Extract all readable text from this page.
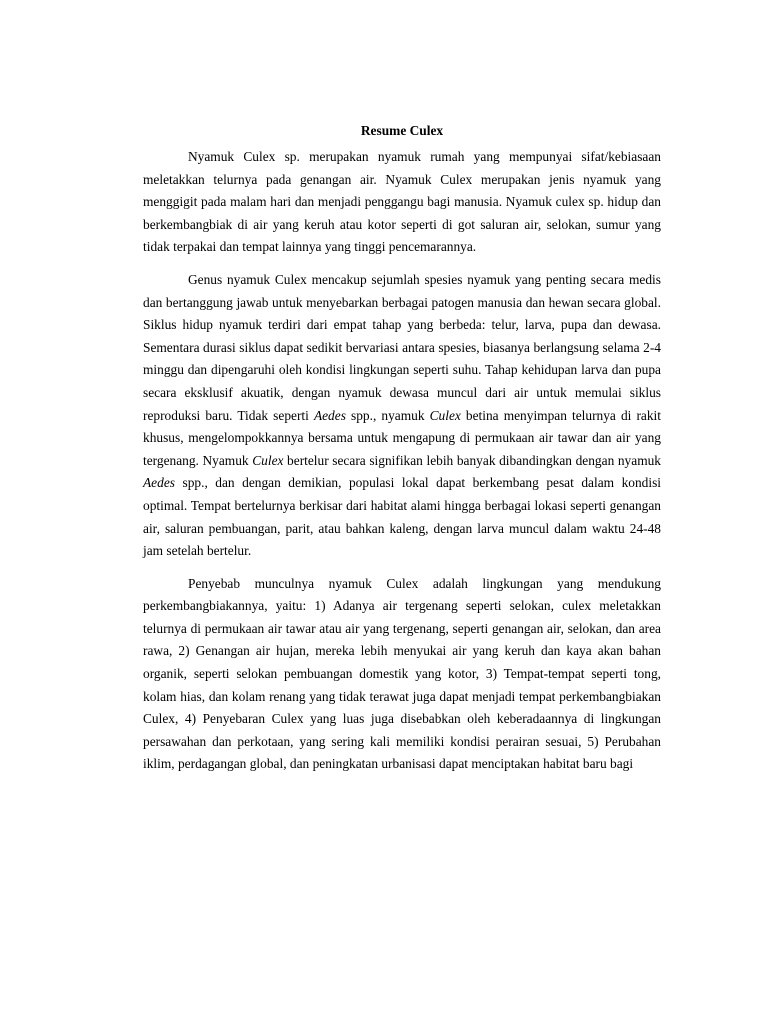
Resume Culex

Nyamuk Culex sp. merupakan nyamuk rumah yang mempunyai sifat/kebiasaan meletakkan telurnya pada genangan air. Nyamuk Culex merupakan jenis nyamuk yang menggigit pada malam hari dan menjadi penggangu bagi manusia. Nyamuk culex sp. hidup dan berkembangbiak di air yang keruh atau kotor seperti di got saluran air, selokan, sumur yang tidak terpakai dan tempat lainnya yang tinggi pencemarannya.

Genus nyamuk Culex mencakup sejumlah spesies nyamuk yang penting secara medis dan bertanggung jawab untuk menyebarkan berbagai patogen manusia dan hewan secara global. Siklus hidup nyamuk terdiri dari empat tahap yang berbeda: telur, larva, pupa dan dewasa. Sementara durasi siklus dapat sedikit bervariasi antara spesies, biasanya berlangsung selama 2-4 minggu dan dipengaruhi oleh kondisi lingkungan seperti suhu. Tahap kehidupan larva dan pupa secara eksklusif akuatik, dengan nyamuk dewasa muncul dari air untuk memulai siklus reproduksi baru. Tidak seperti Aedes spp., nyamuk Culex betina menyimpan telurnya di rakit khusus, mengelompokkannya bersama untuk mengapung di permukaan air tawar dan air yang tergenang. Nyamuk Culex bertelur secara signifikan lebih banyak dibandingkan dengan nyamuk Aedes spp., dan dengan demikian, populasi lokal dapat berkembang pesat dalam kondisi optimal. Tempat bertelurnya berkisar dari habitat alami hingga berbagai lokasi seperti genangan air, saluran pembuangan, parit, atau bahkan kaleng, dengan larva muncul dalam waktu 24-48 jam setelah bertelur.

Penyebab munculnya nyamuk Culex adalah lingkungan yang mendukung perkembangbiakannya, yaitu: 1) Adanya air tergenang seperti selokan, culex meletakkan telurnya di permukaan air tawar atau air yang tergenang, seperti genangan air, selokan, dan area rawa, 2) Genangan air hujan, mereka lebih menyukai air yang keruh dan kaya akan bahan organik, seperti selokan pembuangan domestik yang kotor, 3) Tempat-tempat seperti tong, kolam hias, dan kolam renang yang tidak terawat juga dapat menjadi tempat perkembangbiakan Culex, 4) Penyebaran Culex yang luas juga disebabkan oleh keberadaannya di lingkungan persawahan dan perkotaan, yang sering kali memiliki kondisi perairan sesuai, 5) Perubahan iklim, perdagangan global, dan peningkatan urbanisasi dapat menciptakan habitat baru bagi
